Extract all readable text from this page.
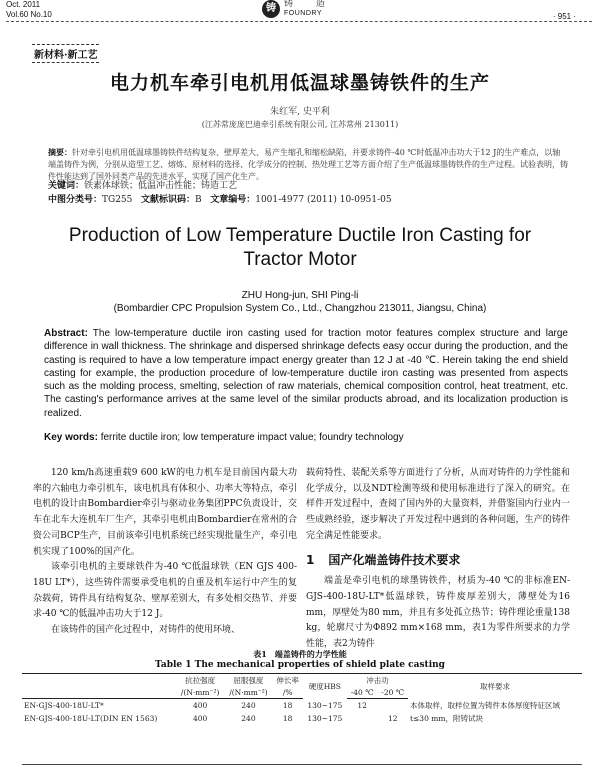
Oct. 2011
Vol.60 No.10
铸 铸 造
FOUNDRY	· 951 ·
新材料·新工艺
电力机车牵引电机用低温球墨铸铁件的生产
朱红军, 史平利
(江苏常庞庞巴迪牵引系统有限公司, 江苏常州 213011)
摘要：针对牵引电机用低温球墨铸铁件结构复杂、壁厚差大、易产生缩孔和缩松缺陷，并要求铸件-40 ℃时低温冲击功大于12 J的生产难点，以轴端盖铸件为例，分别从造型工艺、熔炼、原材料的选择、化学成分的控制、热处理工艺等方面介绍了生产低温球墨铸铁件的生产过程。试验表明，铸件性能达到了国外同类产品的先进水平，实现了国产化生产。
关键词：铁素体球铁；低温冲击性能；铸造工艺
中图分类号：TG255 文献标识码：B 文章编号：1001-4977 (2011) 10-0951-05
Production of Low Temperature Ductile Iron Casting for Tractor Motor
ZHU Hong-jun, SHI Ping-li
(Bombardier CPC Propulsion System Co., Ltd., Changzhou 213011, Jiangsu, China)
Abstract: The low-temperature ductile iron casting used for traction motor features complex structure and large difference in wall thickness. The shrinkage and dispersed shrinkage defects easy occur during the production, and the casting is required to have a low temperature impact energy greater than 12 J at -40 ℃. Herein taking the end shield casting for example, the production procedure of low-temperature ductile iron casting was presented from aspects such as the molding process, smelting, selection of raw materials, chemical composition control, heat treatment, etc. The casting's performance arrives at the same level of the similar products abroad, and its localization production is realized.
Key words: ferrite ductile iron; low temperature impact value; foundry technology

120 km/h高速重载9 600 kW的电力机车是目前国内最大功率的六轴电力牵引机车，该电机具有体积小、功率大等特点，牵引电机的设计由Bombardier牵引与驱动业务集团PPC负责设计，交车在北车大连机车厂生产，其牵引电机由Bombardier在常州的合资公司BCP生产，目前该牵引电机系统已经实现批量生产，牵引电机实现了100%的国产化。

该牵引电机的主要球铁件为-40 ℃低温球铁（EN GJS 400-18U LT*），这些铸件需要承受电机的自重及机车运行中产生的复杂载荷，铸件具有结构复杂、壁厚差别大，有多处相交热节、并要求-40 ℃的低温冲击功大于12 J。

在该铸件的国产化过程中，对铸件的使用环境、

载荷特性、装配关系等方面进行了分析，从而对铸件的力学性能和化学成分，以及NDT检测等级和使用标准进行了深入的研究。在样件开发过程中，查阅了国内外的大量资料，并借鉴国内行业内一些成熟经验，逐步解决了开发过程中遇到的各种问题，生产的铸件完全满足性能要求。

1 国产化端盖铸件技术要求

端盖是牵引电机的球墨铸铁件，材质为-40 ℃的非标准EN-GJS-400-18U-LT*低温球铁，铸件废厚差别大，薄壁处为16 mm，厚壁处为80 mm，并且有多处孤立热节；铸件理论重量138 kg，轮廓尺寸为Φ892 mm×168 mm，表1为零件所要求的力学性能，表2为铸件

表1　端盖铸件的力学性能
Table 1 The mechanical properties of shield plate casting
	抗拉强度	屈服强度	伸长率	硬度HBS	冲击功		取样要求
	/(N·mm⁻²)	/(N·mm⁻²)	/%		-40 ℃	-20 ℃	
EN-GJS-400-18U-LT*	400	240	18	130~175	12		本体取样，取样位置为铸件本体厚度特征区域
EN-GJS-400-18U-LT(DIN EN 1563)	400	240	18	130~175		12	t≤30 mm，附铸试块
